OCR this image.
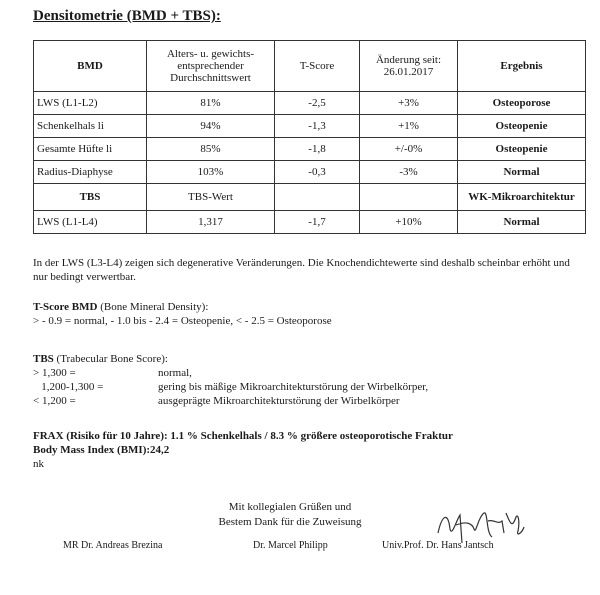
Densitometrie (BMD + TBS):
BMD	Alters- u. gewichts-entsprechender Durchschnittswert	T-Score	Änderung seit: 26.01.2017	Ergebnis
LWS (L1-L2)	81%	-2,5	+3%	Osteoporose
Schenkelhals li	94%	-1,3	+1%	Osteopenie
Gesamte Hüfte li	85%	-1,8	+/-0%	Osteopenie
Radius-Diaphyse	103%	-0,3	-3%	Normal
TBS	TBS-Wert			WK-Mikroarchitektur
LWS (L1-L4)	1,317	-1,7	+10%	Normal
In der LWS (L3-L4) zeigen sich degenerative Veränderungen. Die Knochendichtewerte sind deshalb scheinbar erhöht und nur bedingt verwertbar.
T-Score BMD (Bone Mineral Density):
> - 0.9 = normal, - 1.0 bis - 2.4 = Osteopenie, < - 2.5 = Osteoporose
TBS (Trabecular Bone Score):
> 1,300 =	normal,
1,200-1,300 =	gering bis mäßige Mikroarchitekturstörung der Wirbelkörper,
< 1,200 =	ausgeprägte Mikroarchitekturstörung der Wirbelkörper
FRAX (Risiko für 10 Jahre): 1.1 % Schenkelhals / 8.3 % größere osteoporotische Fraktur
Body Mass Index (BMI):24,2
nk
Mit kollegialen Grüßen und
Bestem Dank für die Zuweisung
MR Dr. Andreas Brezina	Dr. Marcel Philipp	Univ.Prof. Dr. Hans Jantsch
